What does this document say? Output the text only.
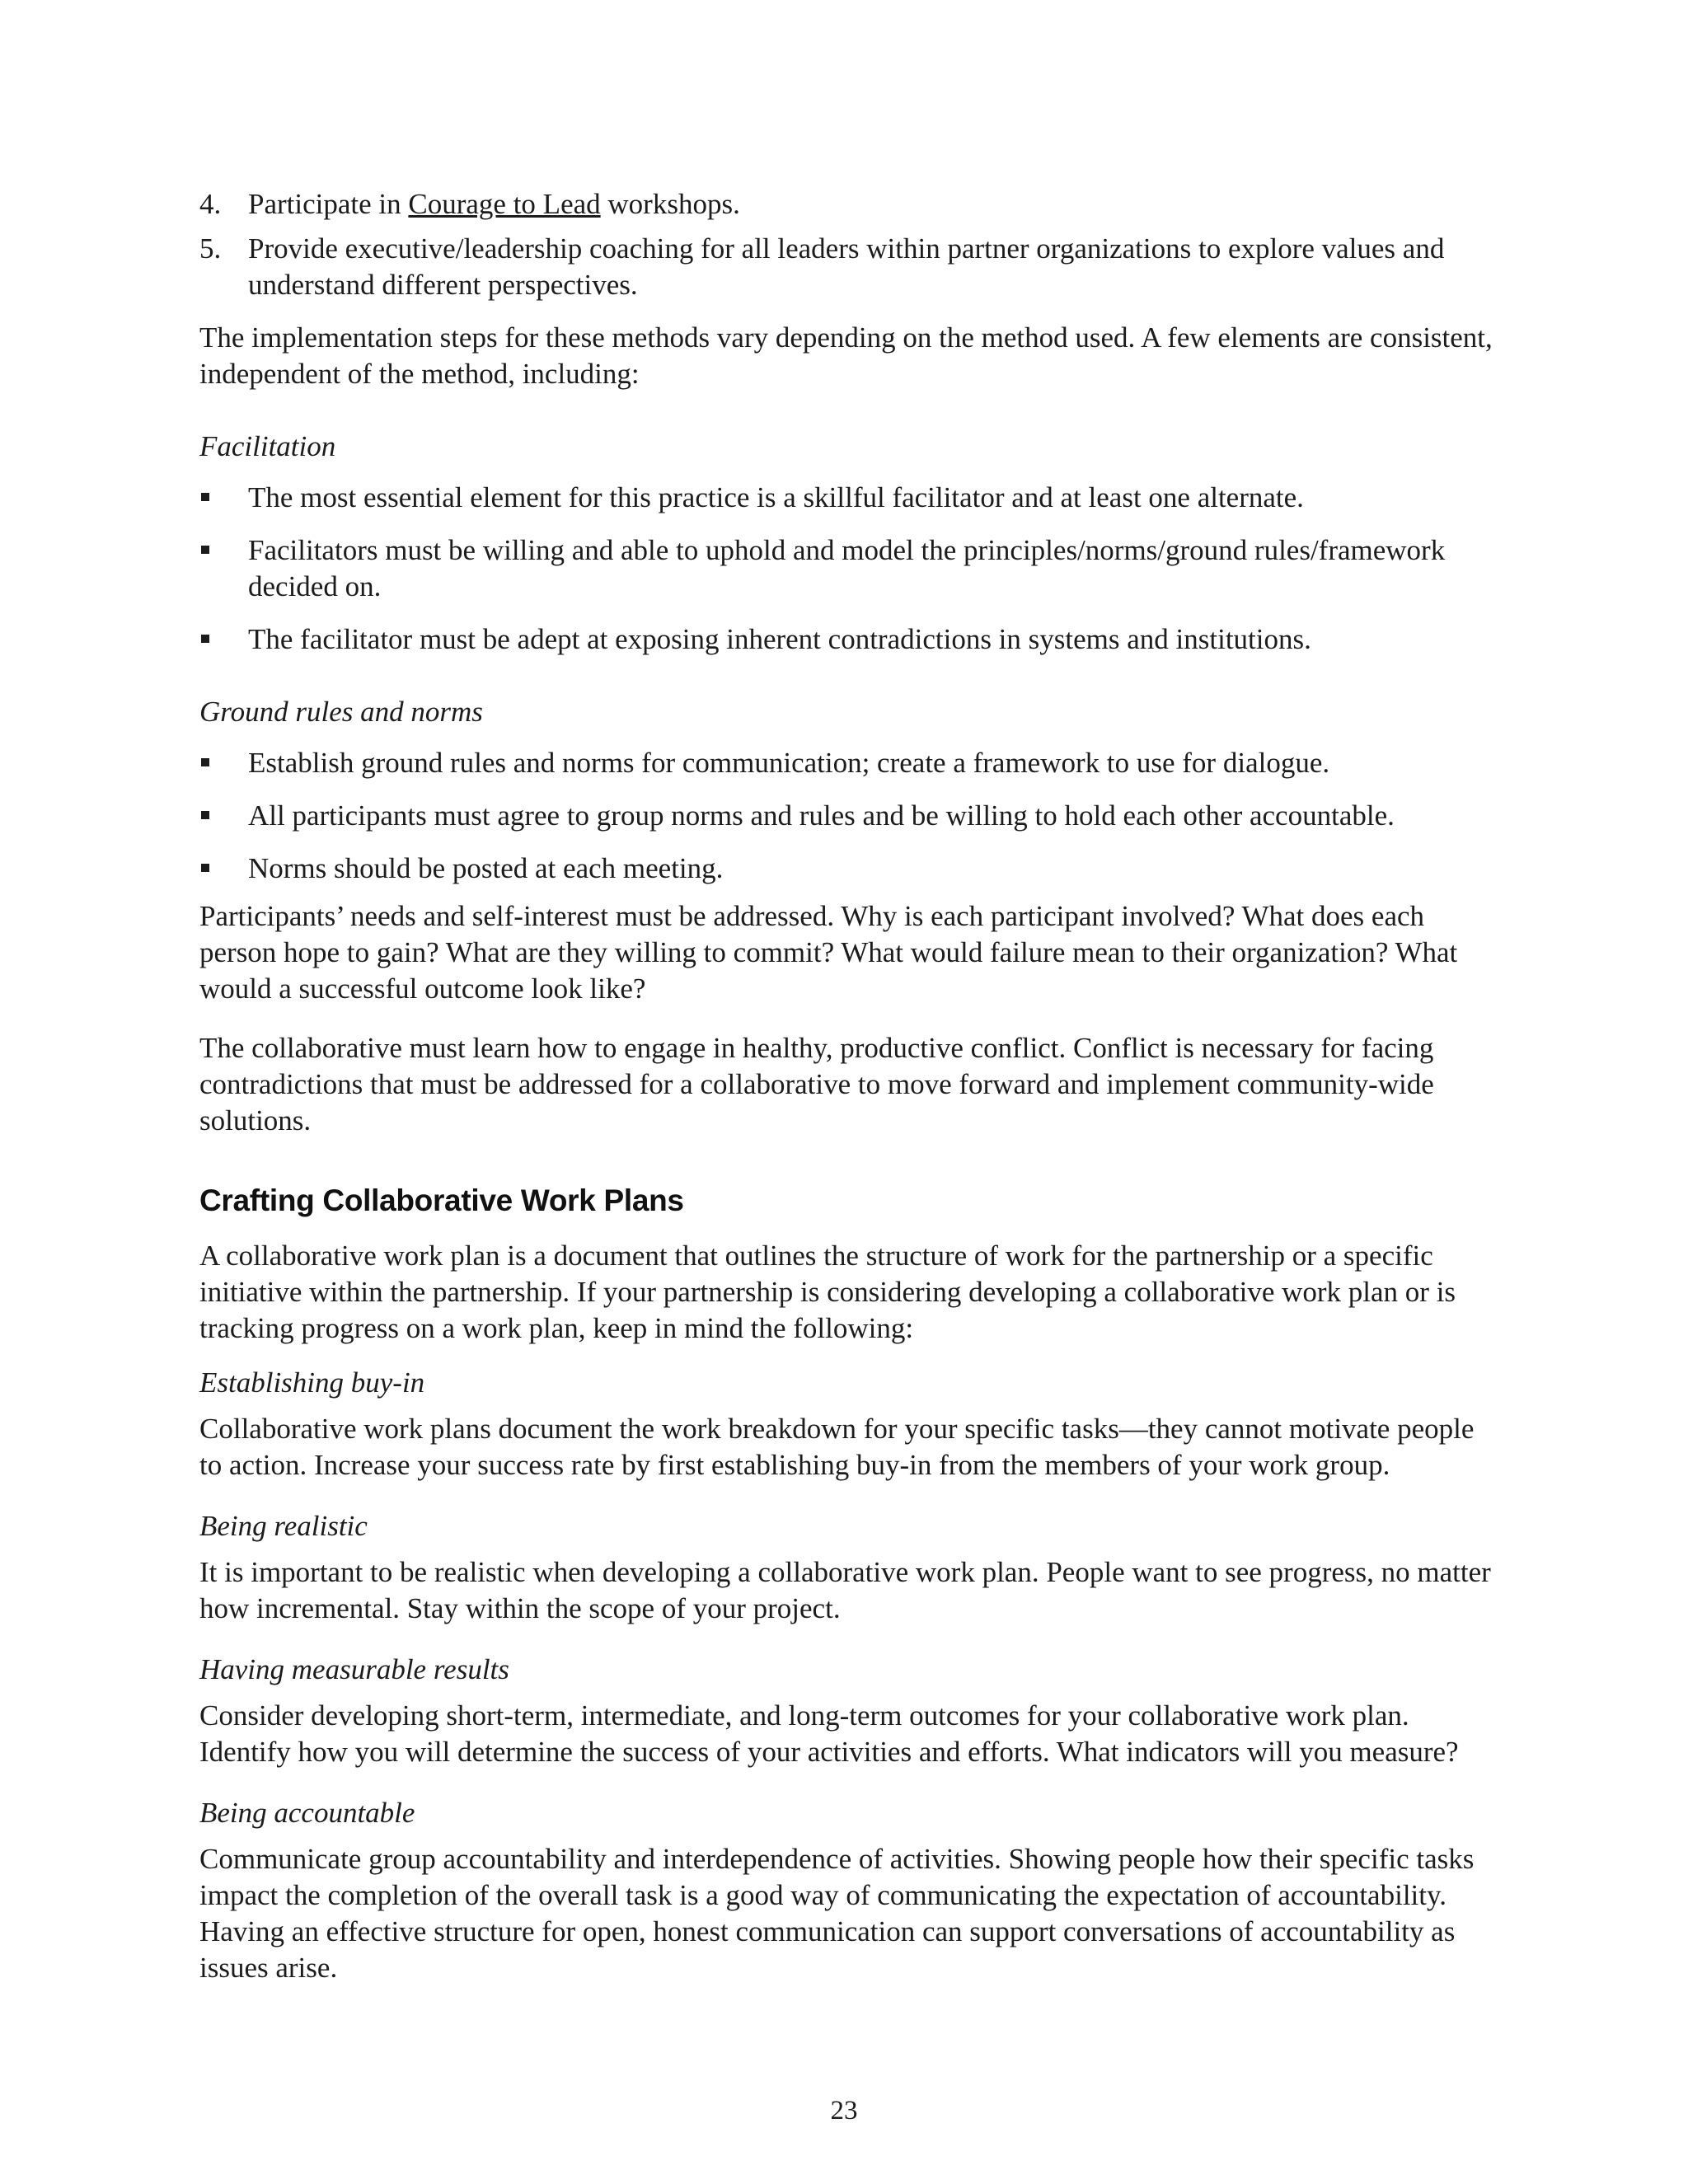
4. Participate in Courage to Lead workshops.
5. Provide executive/leadership coaching for all leaders within partner organizations to explore values and understand different perspectives.

The implementation steps for these methods vary depending on the method used. A few elements are consistent, independent of the method, including:

Facilitation

The most essential element for this practice is a skillful facilitator and at least one alternate.
Facilitators must be willing and able to uphold and model the principles/norms/ground rules/framework decided on.
The facilitator must be adept at exposing inherent contradictions in systems and institutions.

Ground rules and norms

Establish ground rules and norms for communication; create a framework to use for dialogue.
All participants must agree to group norms and rules and be willing to hold each other accountable.
Norms should be posted at each meeting.

Participants’ needs and self-interest must be addressed. Why is each participant involved? What does each person hope to gain? What are they willing to commit? What would failure mean to their organization? What would a successful outcome look like?

The collaborative must learn how to engage in healthy, productive conflict. Conflict is necessary for facing contradictions that must be addressed for a collaborative to move forward and implement community-wide solutions.

Crafting Collaborative Work Plans

A collaborative work plan is a document that outlines the structure of work for the partnership or a specific initiative within the partnership. If your partnership is considering developing a collaborative work plan or is tracking progress on a work plan, keep in mind the following:

Establishing buy-in

Collaborative work plans document the work breakdown for your specific tasks—they cannot motivate people to action. Increase your success rate by first establishing buy-in from the members of your work group.

Being realistic

It is important to be realistic when developing a collaborative work plan. People want to see progress, no matter how incremental. Stay within the scope of your project.

Having measurable results

Consider developing short-term, intermediate, and long-term outcomes for your collaborative work plan. Identify how you will determine the success of your activities and efforts. What indicators will you measure?

Being accountable

Communicate group accountability and interdependence of activities. Showing people how their specific tasks impact the completion of the overall task is a good way of communicating the expectation of accountability. Having an effective structure for open, honest communication can support conversations of accountability as issues arise.

23
